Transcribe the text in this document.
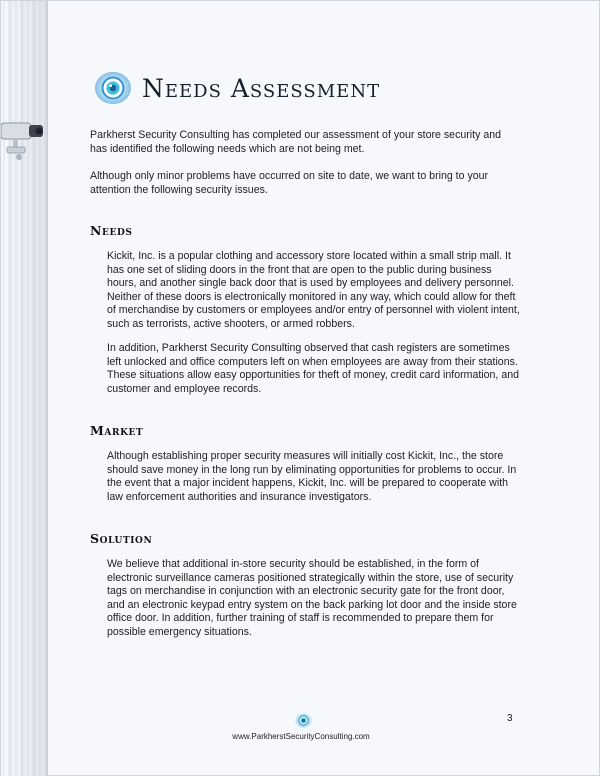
Needs Assessment

Parkherst Security Consulting has completed our assessment of your store security and has identified the following needs which are not being met.

Although only minor problems have occurred on site to date, we want to bring to your attention the following security issues.

Needs

Kickit, Inc. is a popular clothing and accessory store located within a small strip mall. It has one set of sliding doors in the front that are open to the public during business hours, and another single back door that is used by employees and delivery personnel. Neither of these doors is electronically monitored in any way, which could allow for theft of merchandise by customers or employees and/or entry of personnel with violent intent, such as terrorists, active shooters, or armed robbers.

In addition, Parkherst Security Consulting observed that cash registers are sometimes left unlocked and office computers left on when employees are away from their stations. These situations allow easy opportunities for theft of money, credit card information, and customer and employee records.

Market

Although establishing proper security measures will initially cost Kickit, Inc., the store should save money in the long run by eliminating opportunities for problems to occur. In the event that a major incident happens, Kickit, Inc. will be prepared to cooperate with law enforcement authorities and insurance investigators.

Solution

We believe that additional in-store security should be established, in the form of electronic surveillance cameras positioned strategically within the store, use of security tags on merchandise in conjunction with an electronic security gate for the front door, and an electronic keypad entry system on the back parking lot door and the inside store office door. In addition, further training of staff is recommended to prepare them for possible emergency situations.

3
www.ParkherstSecurityConsulting.com
